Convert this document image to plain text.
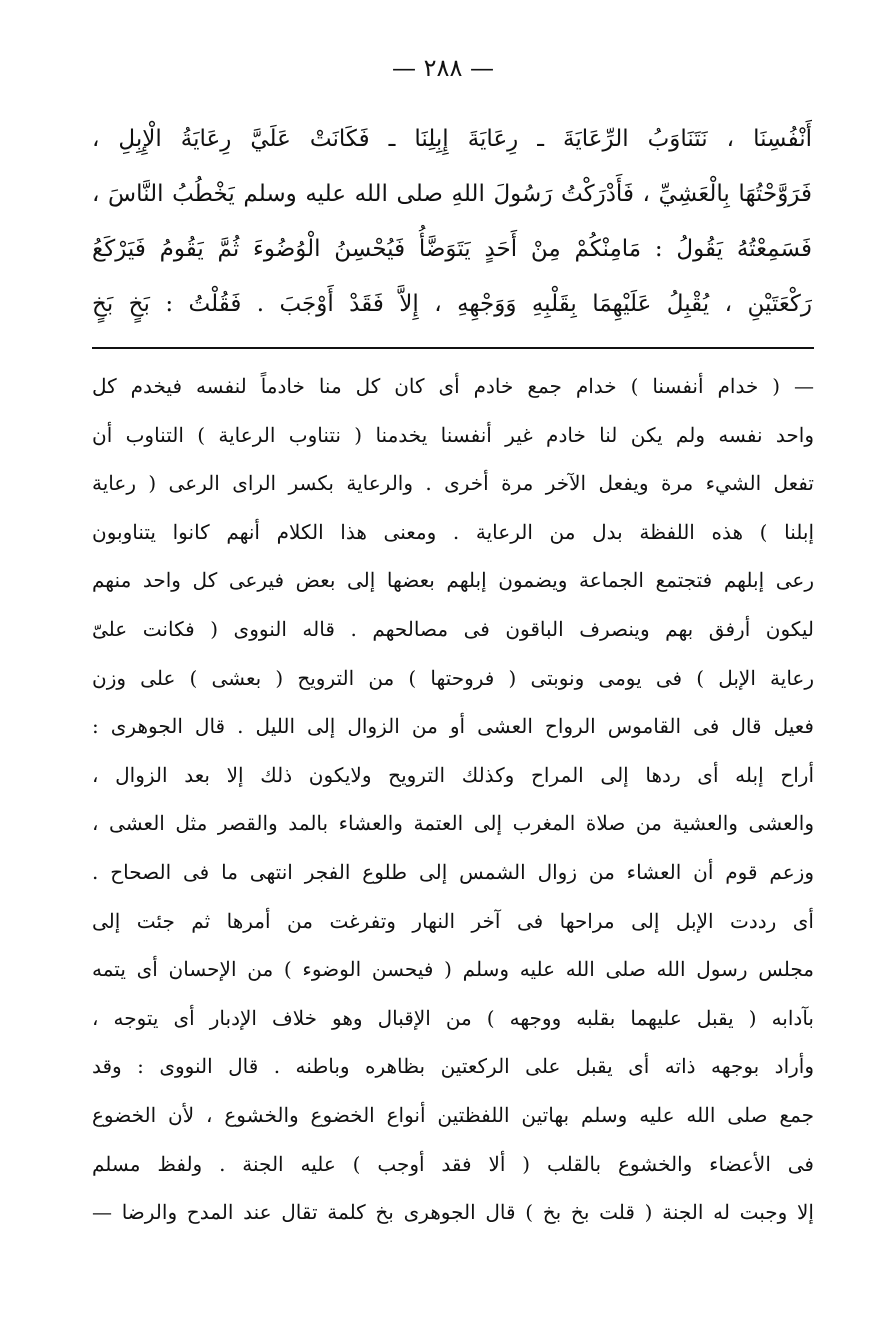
— ٢٨٨ —
أَنْفُسِنَا ، نَتَنَاوَبُ الرِّعَايَةَ ـ رِعَايَةَ إِبِلِنَا ـ فَكَانَتْ عَلَيَّ رِعَايَةُ الْإِبِلِ ،
فَرَوَّحْتُهَا بِالْعَشِيِّ ، فَأَدْرَكْتُ رَسُولَ اللهِ صلى الله عليه وسلم يَخْطُبُ النَّاسَ ،
فَسَمِعْتُهُ يَقُولُ : مَامِنْكُمْ مِنْ أَحَدٍ يَتَوَضَّأُ فَيُحْسِنُ الْوُضُوءَ ثُمَّ يَقُومُ فَيَرْكَعُ
رَكْعَتَيْنِ ، يُقْبِلُ عَلَيْهِمَا بِقَلْبِهِ وَوَجْهِهِ ، إِلاَّ فَقَدْ أَوْجَبَ . فَقُلْتُ : بَخٍ بَخٍ
— ( خدام أنفسنا ) خدام جمع خادم أى كان كل منا خادماً لنفسه فيخدم كل
واحد نفسه ولم يكن لنا خادم غير أنفسنا يخدمنا ( نتناوب الرعاية ) التناوب أن
تفعل الشيء مرة ويفعل الآخر مرة أخرى . والرعاية بكسر الراى الرعى ( رعاية
إبلنا ) هذه اللفظة بدل من الرعاية . ومعنى هذا الكلام أنهم كانوا يتناوبون
رعى إبلهم فتجتمع الجماعة ويضمون إبلهم بعضها إلى بعض فيرعى كل واحد منهم
ليكون أرفق بهم وينصرف الباقون فى مصالحهم . قاله النووى ( فكانت علىّ
رعاية الإبل ) فى يومى ونوبتى ( فروحتها ) من الترويح ( بعشى ) على وزن
فعيل قال فى القاموس الرواح العشى أو من الزوال إلى الليل . قال الجوهرى :
أراح إبله أى ردها إلى المراح وكذلك الترويح ولايكون ذلك إلا بعد الزوال ،
والعشى والعشية من صلاة المغرب إلى العتمة والعشاء بالمد والقصر مثل العشى ،
وزعم قوم أن العشاء من زوال الشمس إلى طلوع الفجر انتهى ما فى الصحاح .
أى رددت الإبل إلى مراحها فى آخر النهار وتفرغت من أمرها ثم جئت إلى
مجلس رسول الله صلى الله عليه وسلم ( فيحسن الوضوء ) من الإحسان أى يتمه
بآدابه ( يقبل عليهما بقلبه ووجهه ) من الإقبال وهو خلاف الإدبار أى يتوجه ،
وأراد بوجهه ذاته أى يقبل على الركعتين بظاهره وباطنه . قال النووى : وقد
جمع صلى الله عليه وسلم بهاتين اللفظتين أنواع الخضوع والخشوع ، لأن الخضوع
فى الأعضاء والخشوع بالقلب ( ألا فقد أوجب ) عليه الجنة . ولفظ مسلم
إلا وجبت له الجنة ( قلت بخ بخ ) قال الجوهرى بخ كلمة تقال عند المدح والرضا —
